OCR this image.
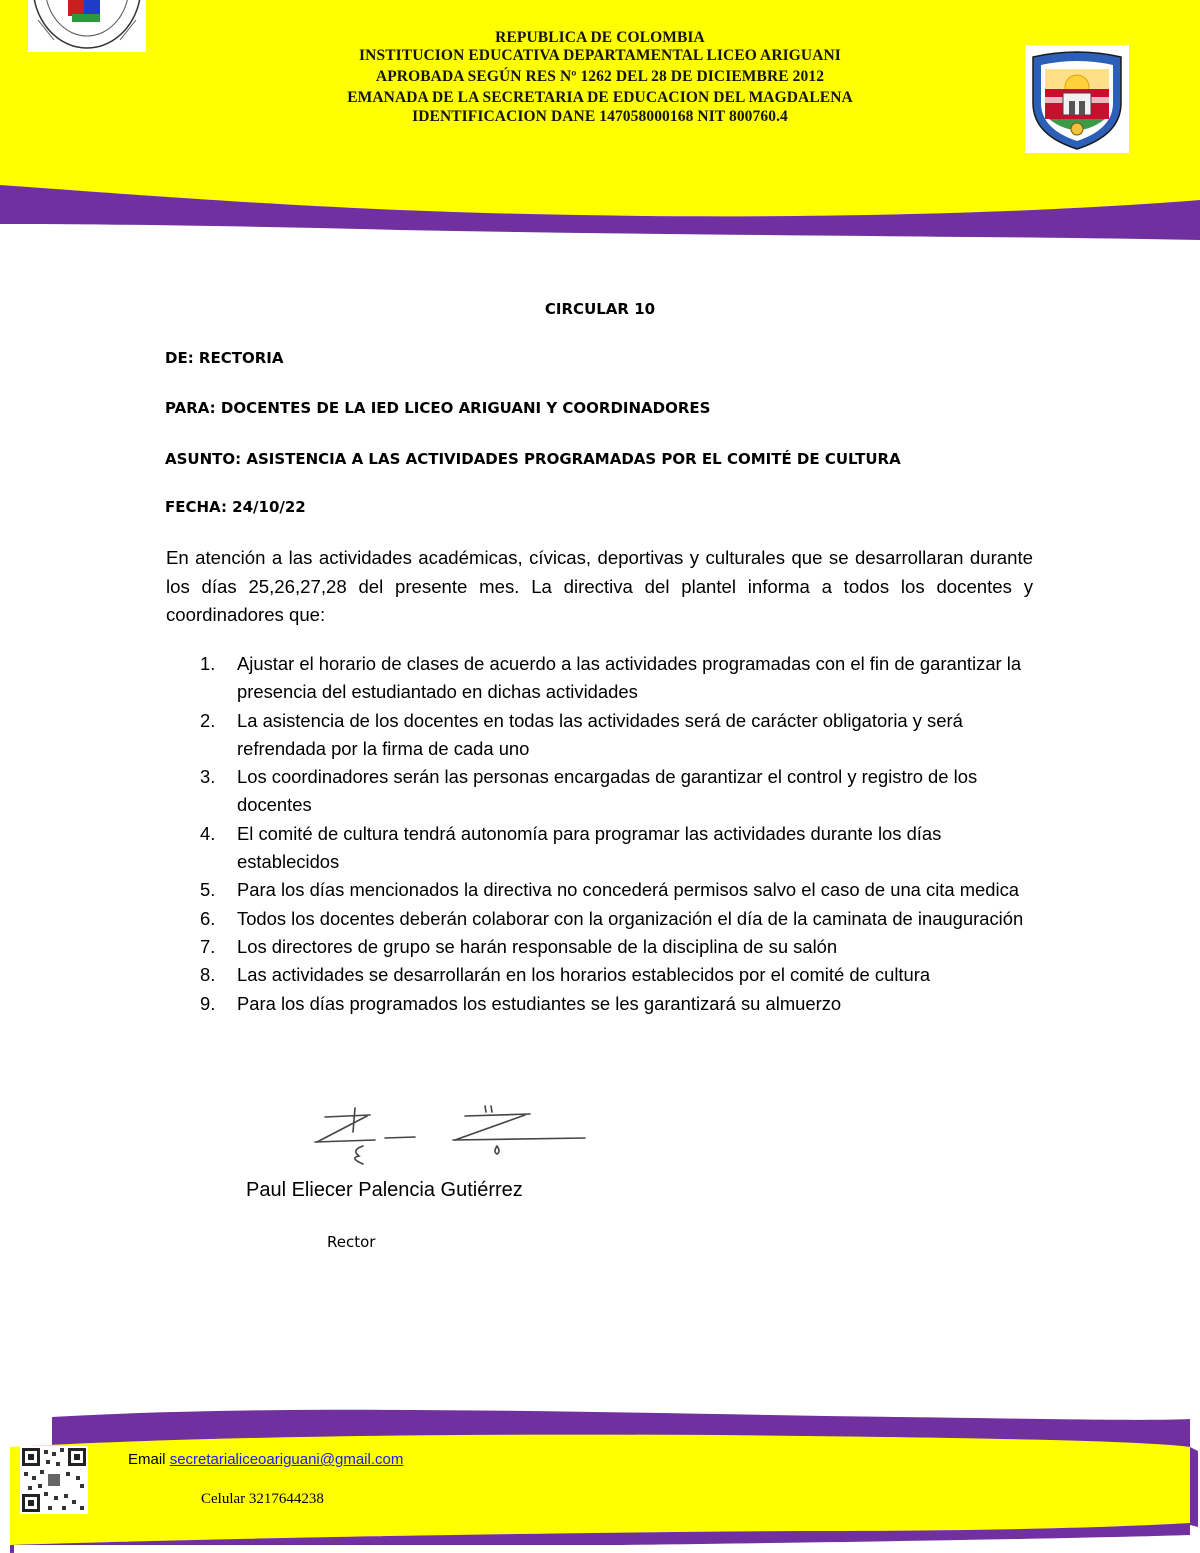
REPUBLICA DE COLOMBIA
INSTITUCION EDUCATIVA DEPARTAMENTAL LICEO ARIGUANI
APROBADA SEGÚN RES Nº 1262 DEL 28 DE DICIEMBRE 2012
EMANADA DE LA SECRETARIA DE EDUCACION DEL MAGDALENA
IDENTIFICACION DANE 147058000168 NIT 800760.4
CIRCULAR 10
DE: RECTORIA
PARA: DOCENTES DE LA IED LICEO ARIGUANI Y COORDINADORES
ASUNTO: ASISTENCIA A LAS ACTIVIDADES PROGRAMADAS POR EL COMITÉ DE CULTURA
FECHA: 24/10/22
En atención a las actividades académicas, cívicas, deportivas y culturales que se desarrollaran durante los días 25,26,27,28 del presente mes. La directiva del plantel informa a todos los docentes y coordinadores que:
1. Ajustar el horario de clases de acuerdo a las actividades programadas con el fin de garantizar la presencia del estudiantado en dichas actividades
2. La asistencia de los docentes en todas las actividades será de carácter obligatoria y será refrendada por la firma de cada uno
3. Los coordinadores serán las personas encargadas de garantizar el control y registro de los docentes
4. El comité de cultura tendrá autonomía para programar las actividades durante los días establecidos
5. Para los días mencionados la directiva no concederá permisos salvo el caso de una cita medica
6. Todos los docentes deberán colaborar con la organización el día de la caminata de inauguración
7. Los directores de grupo se harán responsable de la disciplina de su salón
8. Las actividades se desarrollarán en los horarios establecidos por el comité de cultura
9. Para los días programados los estudiantes se les garantizará su almuerzo
Paul Eliecer Palencia Gutiérrez
Rector
Email secretarialiceoariguani@gmail.com
Celular 3217644238
